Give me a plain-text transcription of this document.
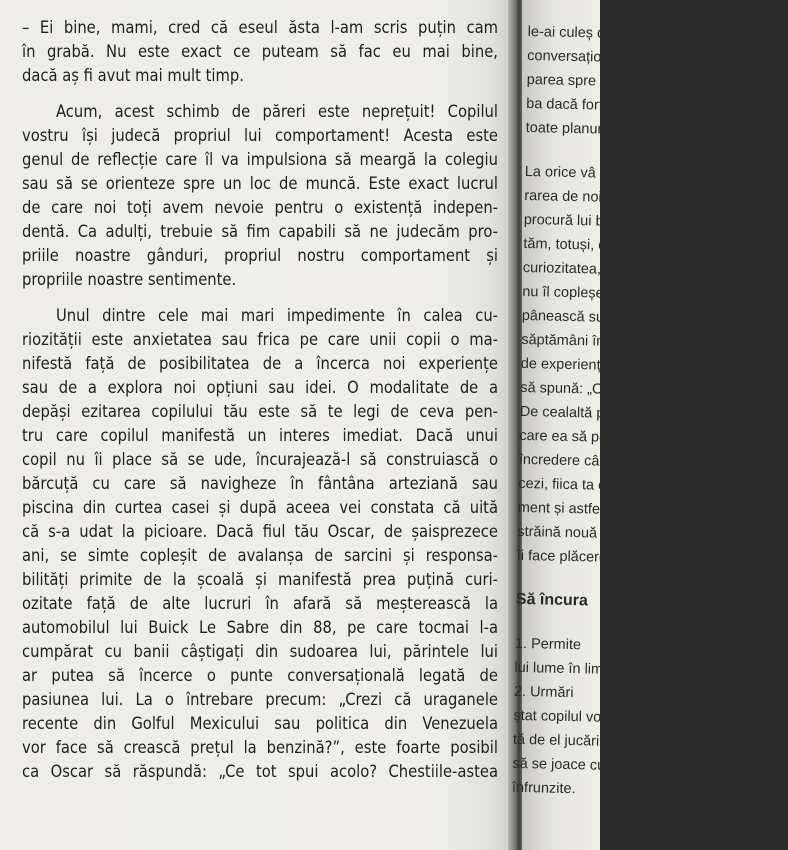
– Ei bine, mami, cred că eseul ăsta l-am scris puțin cam
în grabă. Nu este exact ce puteam să fac eu mai bine,
dacă aș fi avut mai mult timp.

Acum, acest schimb de păreri este neprețuit! Copilul
vostru își judecă propriul lui comportament! Acesta este
genul de reflecție care îl va impulsiona să meargă la colegiu
sau să se orienteze spre un loc de muncă. Este exact lucrul
de care noi toți avem nevoie pentru o existență indepen-
dentă. Ca adulți, trebuie să fim capabili să ne judecăm pro-
priile noastre gânduri, propriul nostru comportament și
propriile noastre sentimente.

Unul dintre cele mai mari impedimente în calea cu-
riozității este anxietatea sau frica pe care unii copii o ma-
nifestă față de posibilitatea de a încerca noi experiențe
sau de a explora noi opțiuni sau idei. O modalitate de a
depăși ezitarea copilului tău este să te legi de ceva pen-
tru care copilul manifestă un interes imediat. Dacă unui
copil nu îi place să se ude, încurajează-l să construiască o
bărcuță cu care să navigheze în fântâna arteziană sau
piscina din curtea casei și după aceea vei constata că uită
că s-a udat la picioare. Dacă fiul tău Oscar, de șaisprezece
ani, se simte copleșit de avalanșa de sarcini și responsa-
bilități primite de la școală și manifestă prea puțină curi-
ozitate față de alte lucruri în afară să meșterească la
automobilul lui Buick Le Sabre din 88, pe care tocmai l-a
cumpărat cu banii câștigați din sudoarea lui, părintele lui
ar putea să încerce o punte conversațională legată de
pasiunea lui. La o întrebare precum: „Crezi că uraganele
recente din Golful Mexicului sau politica din Venezuela
vor face să crească prețul la benzină?”, este foarte posibil
ca Oscar să răspundă: „Ce tot spui acolo? Chestiile-astea

le-ai culeș de p
conversaționale
parea spre orizo
ba dacă forțe d
toate planurilo
La orice vâ
rarea de noi te
procură lui bu
tăm, totuși, că
curiozitatea, n
nu îl copleșesc
pânească subt
săptămâni înai
de experiență
să spună: „Oh,
De cealaltă pa
care ea să poa
încredere cân
cezi, fiica ta e
ment și astfel
străină nouă d
îi face plăcere.
Să încura
1. Permite
lui lume în limi
2. Urmări
ștat copilul vos
tă de el jucării
să se joace cu
înfrunzite.
